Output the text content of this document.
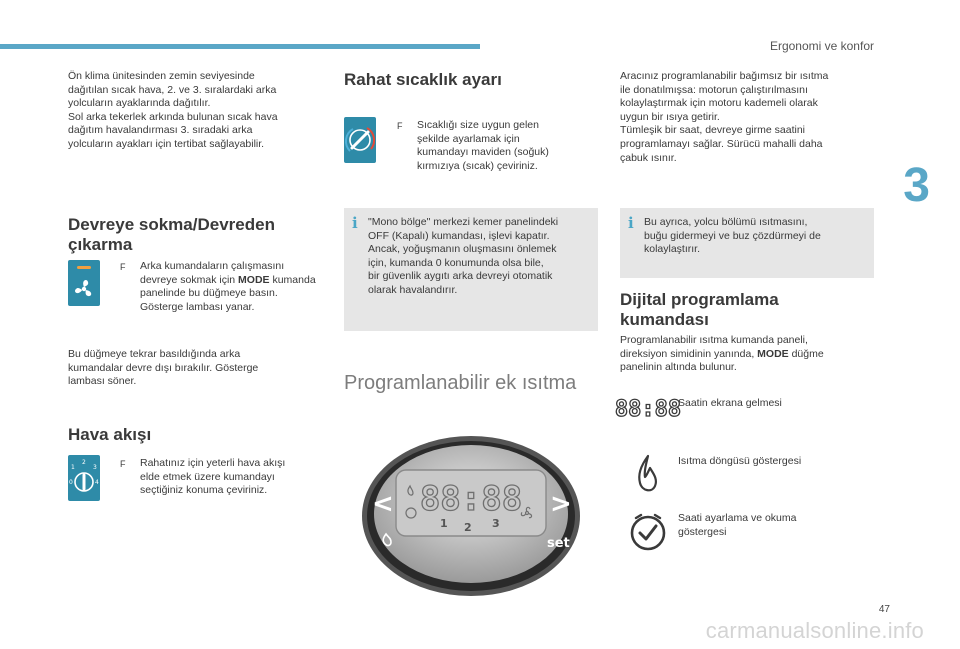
Ergonomi ve konfor
3

Ön klima ünitesinden zemin seviyesinde

dağıtılan sıcak hava, 2. ve 3. sıralardaki arka

yolcuların ayaklarında dağıtılır.

Sol arka tekerlek arkında bulunan sıcak hava

dağıtım havalandırması 3. sıradaki arka

yolcuların ayakları için tertibat sağlayabilir.

Devreye sokma/Devreden
çıkarma
F	Arka kumandaların çalışmasını devreye sokmak için MODE kumanda panelinde bu düğmeye basın. Gösterge lambası yanar.

Bu düğmeye tekrar basıldığında arka

kumandalar devre dışı bırakılır. Gösterge

lambası söner.

Hava akışı
1
2
3
0	4
F	Rahatınız için yeterli hava akışı
elde etmek üzere kumandayı
seçtiğiniz konuma çeviriniz.
Rahat sıcaklık ayarı
F	Sıcaklığı size uygun gelen
şekilde ayarlamak için
kumandayı maviden (soğuk)
kırmızıya (sıcak) çeviriniz.
i "Mono bölge" merkezi kemer panelindeki

OFF (Kapalı) kumandası, işlevi kapatır.

Ancak, yoğuşmanın oluşmasını önlemek

için, kumanda 0 konumunda olsa bile,

bir güvenlik aygıtı arka devreyi otomatik

olarak havalandırır.

Programlanabilir ek ısıtma
88:88
<	>
1 2 3
set

Aracınız programlanabilir bağımsız bir ısıtma

ile donatılmışsa: motorun çalıştırılmasını

kolaylaştırmak için motoru kademeli olarak

uygun bir ısıya getirir.

Tümleşik bir saat, devreye girme saatini

programlamayı sağlar. Sürücü mahalli daha

çabuk ısınır.

i Bu ayrıca, yolcu bölümü ısıtmasını,

buğu gidermeyi ve buz çözdürmeyi de

kolaylaştırır.

Dijital programlama
kumandası

Programlanabilir ısıtma kumanda paneli,

direksiyon simidinin yanında, MODE düğme

panelinin altında bulunur.

88:88
Saatin ekrana gelmesi
Isıtma döngüsü göstergesi
Saati ayarlama ve okuma
göstergesi
47
carmanualsonline.info
